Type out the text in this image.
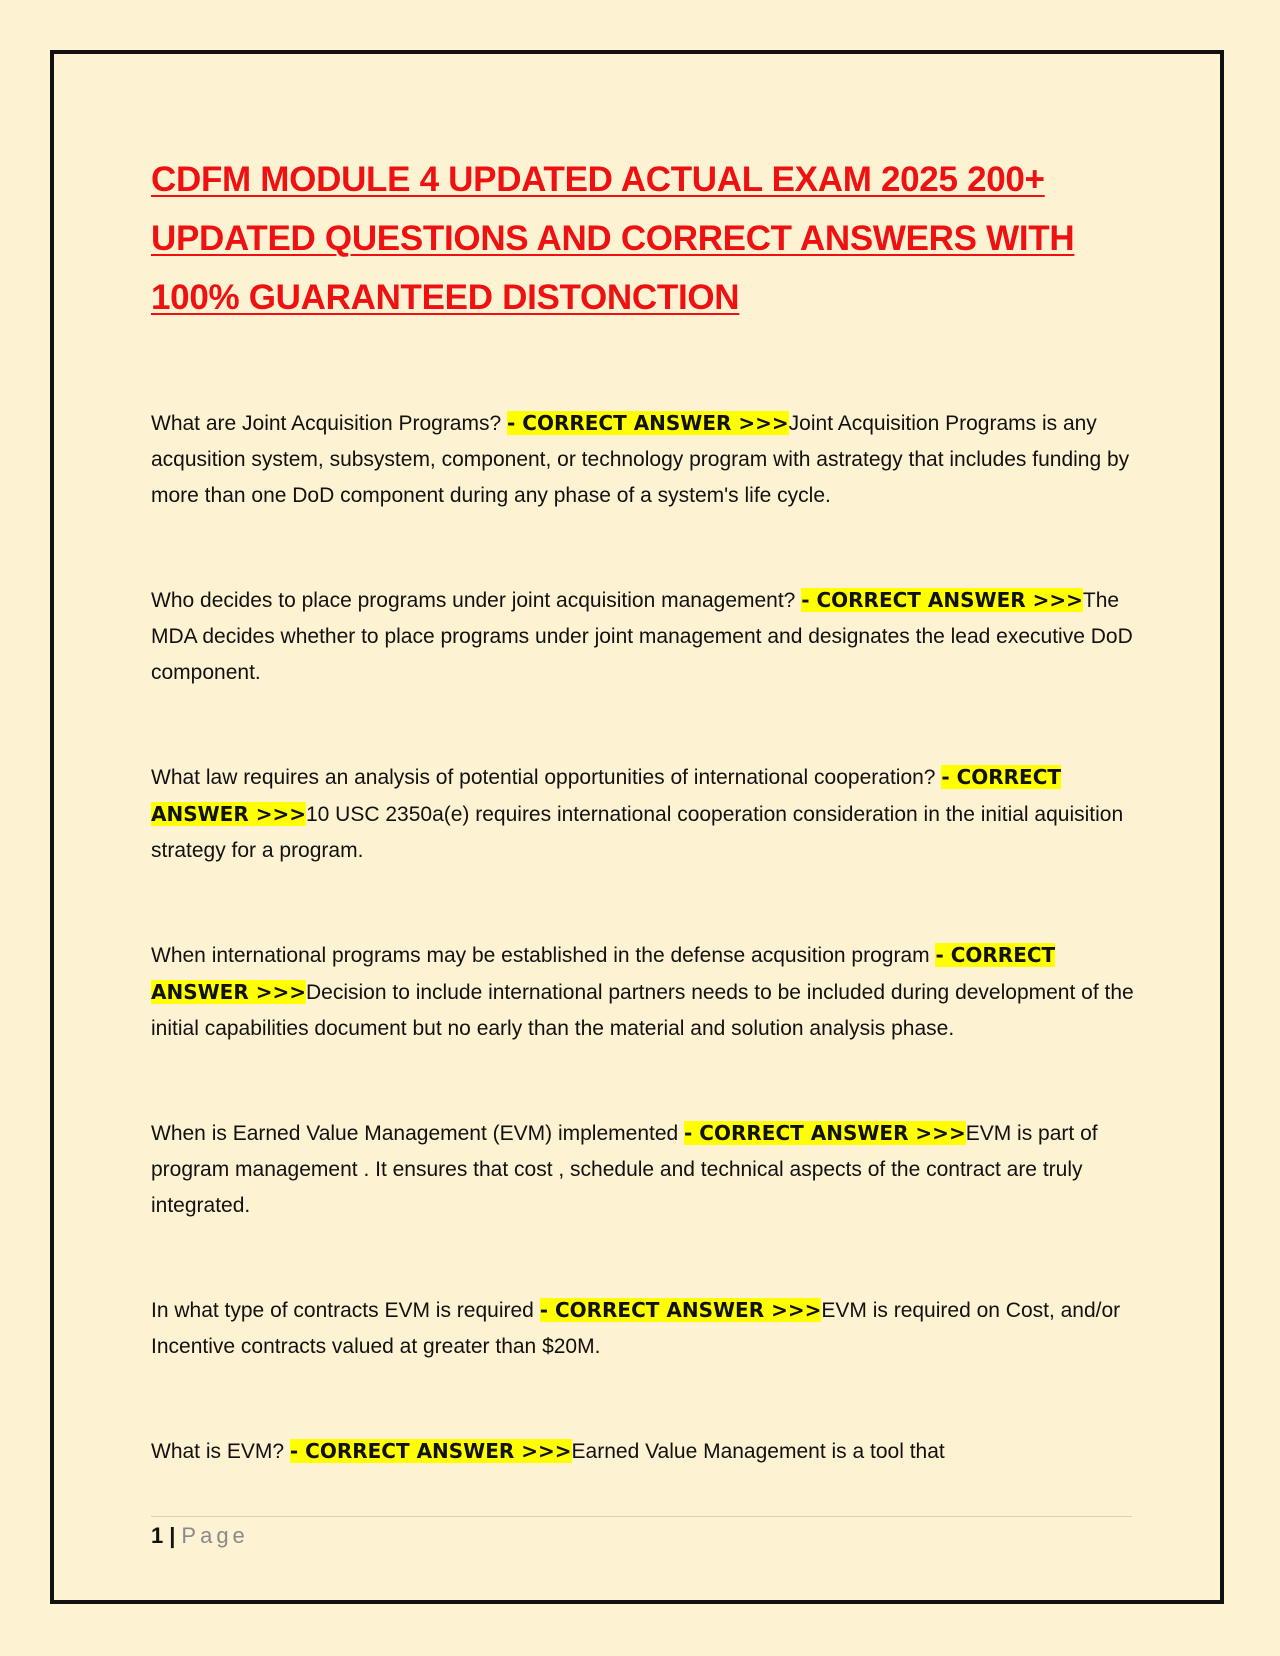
CDFM MODULE 4 UPDATED ACTUAL EXAM 2025 200+ UPDATED QUESTIONS AND CORRECT ANSWERS WITH 100% GUARANTEED DISTONCTION

What are Joint Acquisition Programs? - CORRECT ANSWER >>>Joint Acquisition Programs is any acqusition system, subsystem, component, or technology program with astrategy that includes funding by more than one DoD component during any phase of a system's life cycle.

Who decides to place programs under joint acquisition management? - CORRECT ANSWER >>>The MDA decides whether to place programs under joint management and designates the lead executive DoD component.

What law requires an analysis of potential opportunities of international cooperation? - CORRECT ANSWER >>>10 USC 2350a(e) requires international cooperation consideration in the initial aquisition strategy for a program.

When international programs may be established in the defense acqusition program - CORRECT ANSWER >>>Decision to include international partners needs to be included during development of the initial capabilities document but no early than the material and solution analysis phase.

When is Earned Value Management (EVM) implemented - CORRECT ANSWER >>>EVM is part of program management . It ensures that cost , schedule and technical aspects of the contract are truly integrated.

In what type of contracts EVM is required - CORRECT ANSWER >>>EVM is required on Cost, and/or Incentive contracts valued at greater than $20M.

What is EVM? - CORRECT ANSWER >>>Earned Value Management is a tool that

1 | Page
